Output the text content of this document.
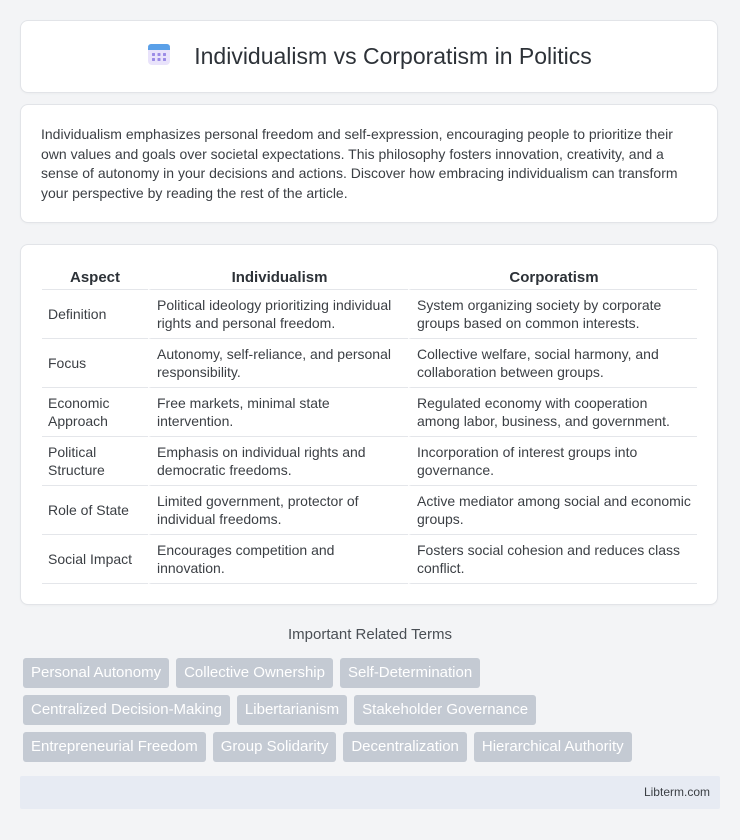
Individualism vs Corporatism in Politics

Individualism emphasizes personal freedom and self-expression, encouraging people to prioritize their own values and goals over societal expectations. This philosophy fosters innovation, creativity, and a sense of autonomy in your decisions and actions. Discover how embracing individualism can transform your perspective by reading the rest of the article.

Aspect	Individualism	Corporatism
Definition	Political ideology prioritizing individual rights and personal freedom.	System organizing society by corporate groups based on common interests.
Focus	Autonomy, self-reliance, and personal responsibility.	Collective welfare, social harmony, and collaboration between groups.
Economic Approach	Free markets, minimal state intervention.	Regulated economy with cooperation among labor, business, and government.
Political Structure	Emphasis on individual rights and democratic freedoms.	Incorporation of interest groups into governance.
Role of State	Limited government, protector of individual freedoms.	Active mediator among social and economic groups.
Social Impact	Encourages competition and innovation.	Fosters social cohesion and reduces class conflict.
Important Related Terms
Personal Autonomy	Collective Ownership	Self-Determination
Centralized Decision-Making	Libertarianism	Stakeholder Governance
Entrepreneurial Freedom	Group Solidarity	Decentralization	Hierarchical Authority
Libterm.com
